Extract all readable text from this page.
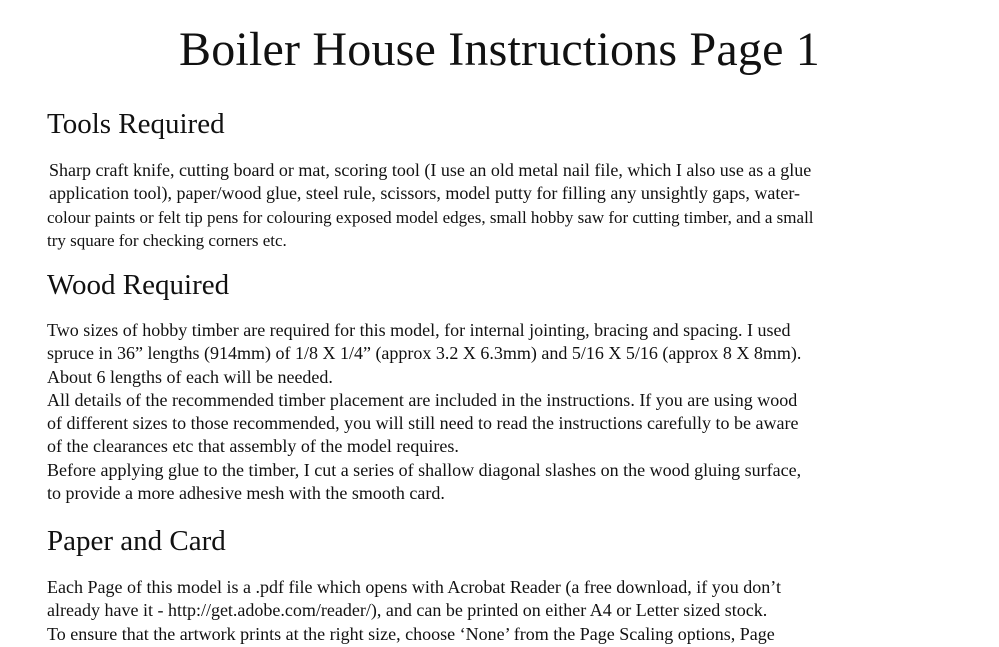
Boiler House Instructions Page 1
Tools Required
Sharp craft knife, cutting board or mat, scoring tool (I use an old metal nail file, which I also use as a glue
application tool), paper/wood glue, steel rule, scissors, model putty for filling any unsightly gaps, water-
colour paints or felt tip pens for colouring exposed model edges, small hobby saw for cutting timber, and a small
try square for checking corners etc.
Wood Required
Two sizes of hobby timber are required for this model, for internal jointing, bracing and spacing. I used
spruce in 36” lengths (914mm) of 1/8 X 1/4” (approx 3.2 X 6.3mm) and 5/16 X 5/16 (approx 8 X 8mm).
About 6 lengths of each will be needed.
All details of the recommended timber placement are included in the instructions. If you are using wood
of different sizes to those recommended, you will still need to read the instructions carefully to be aware
of the clearances etc that assembly of the model requires.
Before applying glue to the timber, I cut a series of shallow diagonal slashes on the wood gluing surface,
to provide a more adhesive mesh with the smooth card.
Paper and Card
Each Page of this model is a .pdf file which opens with Acrobat Reader (a free download, if you don’t
already have it - http://get.adobe.com/reader/), and can be printed on either A4 or Letter sized stock.
To ensure that the artwork prints at the right size, choose ‘None’ from the Page Scaling options, Page
